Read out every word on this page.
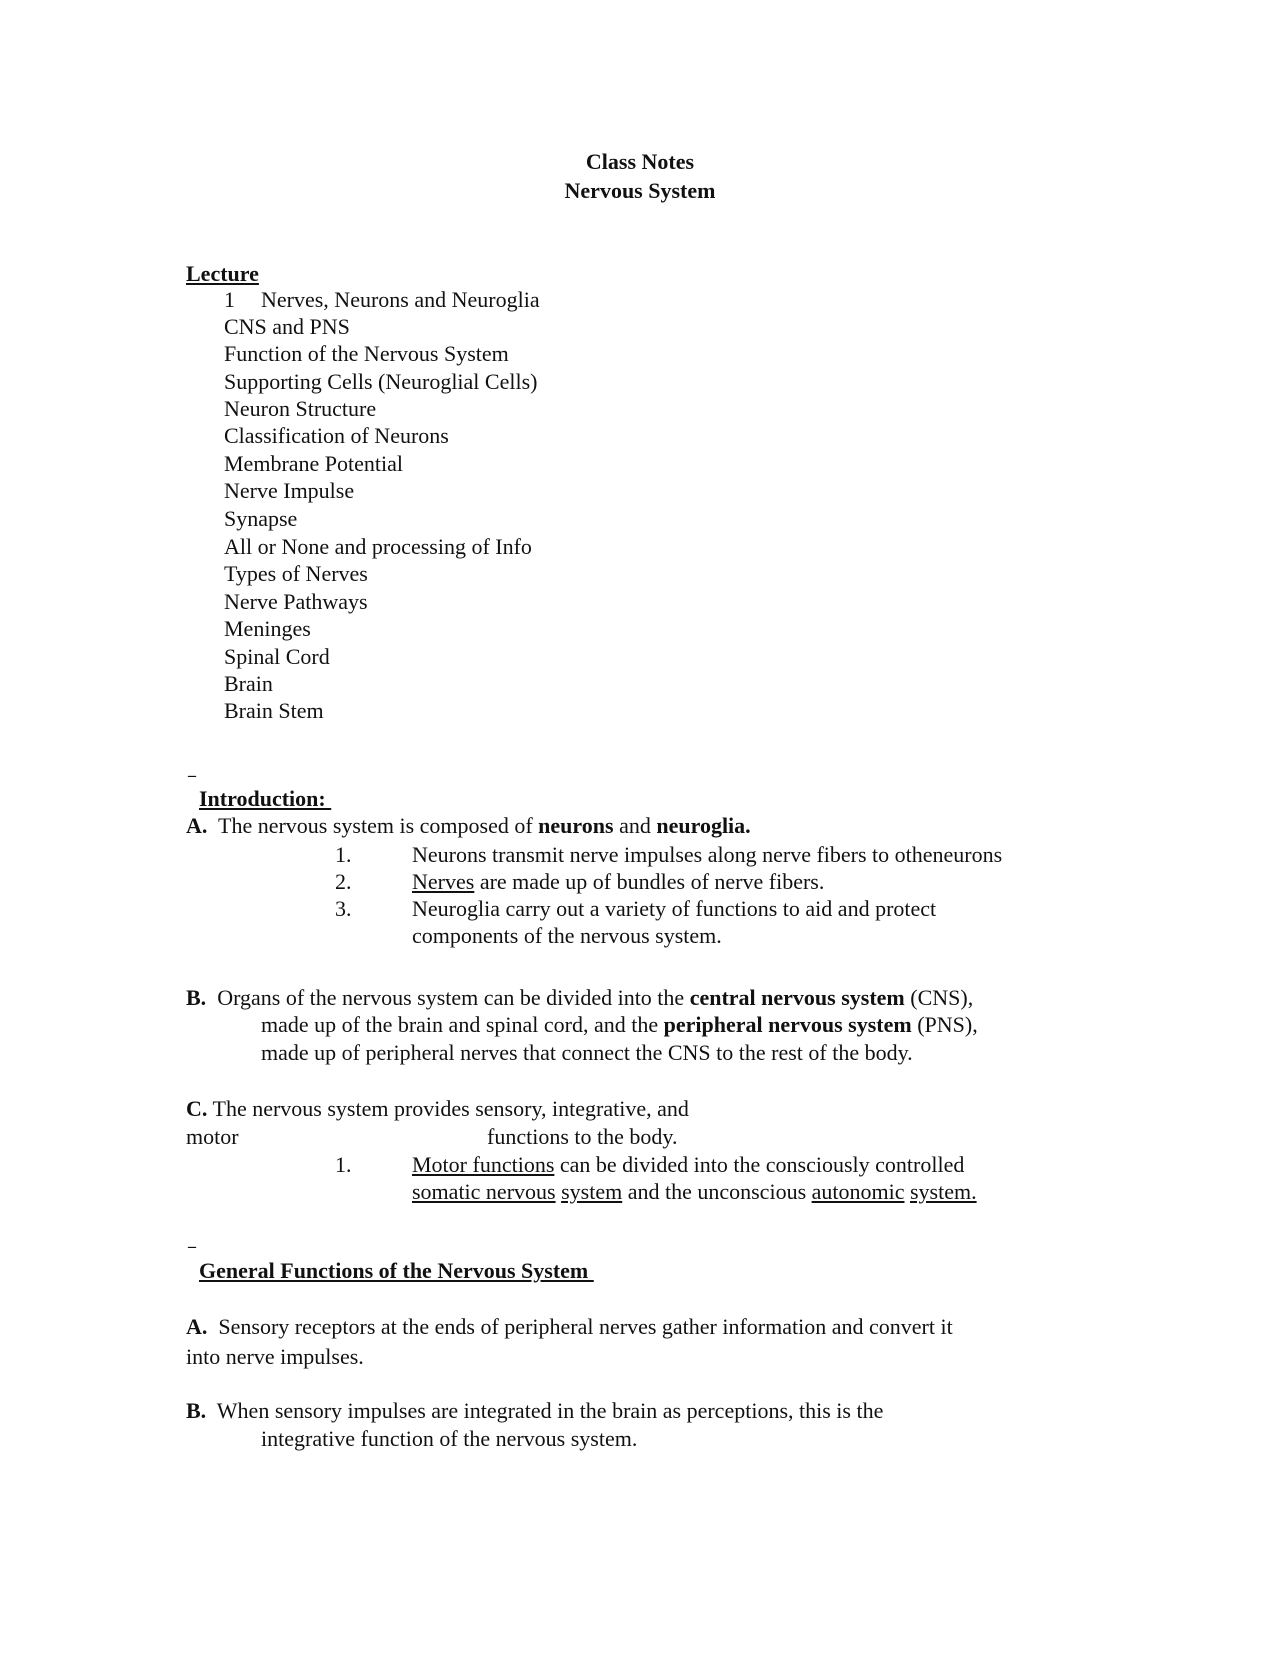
Class Notes
Nervous System
Lecture
1 Nerves, Neurons and Neuroglia
CNS and PNS
Function of the Nervous System
Supporting Cells (Neuroglial Cells)
Neuron Structure
Classification of Neurons
Membrane Potential
Nerve Impulse
Synapse
All or None and processing of Info
Types of Nerves
Nerve Pathways
Meninges
Spinal Cord
Brain
Brain Stem
¯
Introduction:
A. The nervous system is composed of neurons and neuroglia.
1.	Neurons transmit nerve impulses along nerve fibers to otheneurons
2.	Nerves are made up of bundles of nerve fibers.
3.	Neuroglia carry out a variety of functions to aid and protect
components of the nervous system.
B. Organs of the nervous system can be divided into the central nervous system (CNS),
made up of the brain and spinal cord, and the peripheral nervous system (PNS),
made up of peripheral nerves that connect the CNS to the rest of the body.
C. The nervous system provides sensory, integrative, and
motor	functions to the body.
1.	Motor functions can be divided into the consciously controlled
somatic nervous system and the unconscious autonomic system.
¯
General Functions of the Nervous System
A. Sensory receptors at the ends of peripheral nerves gather information and convert it
into nerve impulses.
B. When sensory impulses are integrated in the brain as perceptions, this is the
integrative function of the nervous system.
